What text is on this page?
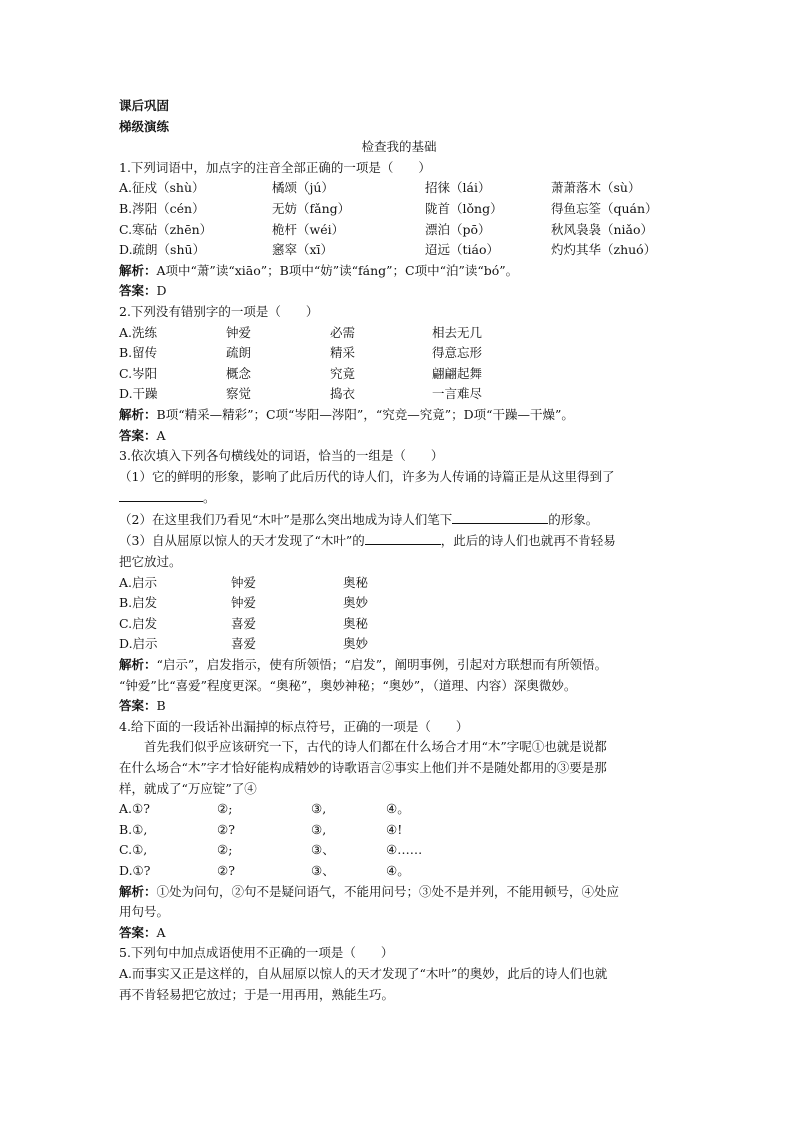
课后巩固
梯级演练
检查我的基础
1.下列词语中，加点字的注音全部正确的一项是（　　）
A.征戍（shù）	橘颂（jú）	招徕（lái）	萧萧落木（sù）
B.涔阳（cén）	无妨（fǎng）	陇首（lǒng）	得鱼忘筌（quán）
C.寒砧（zhēn）	桅杆（wéi）	漂泊（pō）	秋风袅袅（niǎo）
D.疏朗（shū）	窸窣（xī）	迢远（tiáo）	灼灼其华（zhuó）
解析：A项中“萧”读“xiāo”；B项中“妨”读“fáng”；C项中“泊”读“bó”。
答案：D
2.下列没有错别字的一项是（　　）
A.洗练	钟爱	必需	相去无几
B.留传	疏朗	精采	得意忘形
C.岑阳	概念	究竟	翩翩起舞
D.干躁	察觉	捣衣	一言难尽
解析：B项“精采—精彩”；C项“岑阳—涔阳”，“究竞—究竟”；D项“干躁—干燥”。
答案：A
3.依次填入下列各句横线处的词语，恰当的一组是（　　）
（1）它的鲜明的形象，影响了此后历代的诗人们，许多为人传诵的诗篇正是从这里得到了
。
（2）在这里我们乃看见“木叶”是那么突出地成为诗人们笔下	的形象。
（3）自从屈原以惊人的天才发现了“木叶”的	，此后的诗人们也就再不肯轻易
把它放过。
A.启示	钟爱	奥秘
B.启发	钟爱	奥妙
C.启发	喜爱	奥秘
D.启示	喜爱	奥妙
解析：“启示”，启发指示，使有所领悟；“启发”，阐明事例，引起对方联想而有所领悟。
“钟爱”比“喜爱”程度更深。“奥秘”，奥妙神秘；“奥妙”，（道理、内容）深奥微妙。
答案：B
4.给下面的一段话补出漏掉的标点符号，正确的一项是（　　）
首先我们似乎应该研究一下，古代的诗人们都在什么场合才用“木”字呢①也就是说都
在什么场合“木”字才恰好能构成精妙的诗歌语言②事实上他们并不是随处都用的③要是那
样，就成了“万应锭”了④
A.①?	②;	③,	④。
B.①,	②?	③,	④!
C.①,	②;	③、	④……
D.①?	②?	③、	④。
解析：①处为问句，②句不是疑问语气，不能用问号；③处不是并列，不能用顿号，④处应
用句号。
答案：A
5.下列句中加点成语使用不正确的一项是（　　）
A.而事实又正是这样的，自从屈原以惊人的天才发现了“木叶”的奥妙，此后的诗人们也就
再不肯轻易把它放过；于是一用再用，熟能生巧。
